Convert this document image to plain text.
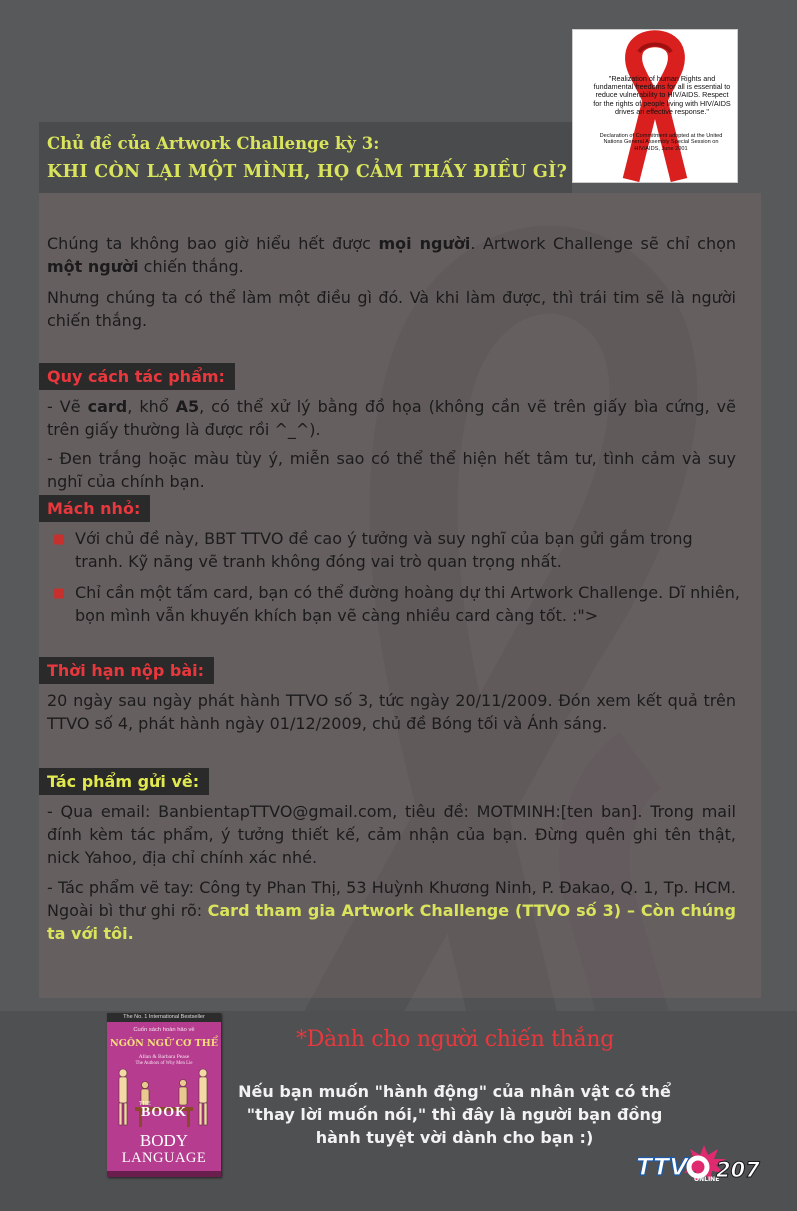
Chủ đề của Artwork Challenge kỳ 3:
KHI CÒN LẠI MỘT MÌNH, HỌ CẢM THẤY ĐIỀU GÌ?
"Realization of human Rights and fundamental freedoms for all is essential to reduce vulnerability to HIV/AIDS. Respect for the rights of people living with HIV/AIDS drives an effective response."
Declaration of Commitment adopted at the United Nations General Assembly Special Session on HIV/AIDS, June 2001
Chúng ta không bao giờ hiểu hết được mọi người. Artwork Challenge sẽ chỉ chọn một người chiến thắng.
Nhưng chúng ta có thể làm một điều gì đó. Và khi làm được, thì trái tim sẽ là người chiến thắng.
Quy cách tác phẩm:
- Vẽ card, khổ A5, có thể xử lý bằng đồ họa (không cần vẽ trên giấy bìa cứng, vẽ trên giấy thường là được rồi ^_^).
- Đen trắng hoặc màu tùy ý, miễn sao có thể thể hiện hết tâm tư, tình cảm và suy nghĩ của chính bạn.
Mách nhỏ:
■ Với chủ đề này, BBT TTVO đề cao ý tưởng và suy nghĩ của bạn gửi gắm trong tranh. Kỹ năng vẽ tranh không đóng vai trò quan trọng nhất.
■ Chỉ cần một tấm card, bạn có thể đường hoàng dự thi Artwork Challenge. Dĩ nhiên, bọn mình vẫn khuyến khích bạn vẽ càng nhiều card càng tốt. :">
Thời hạn nộp bài:
20 ngày sau ngày phát hành TTVO số 3, tức ngày 20/11/2009. Đón xem kết quả trên TTVO số 4, phát hành ngày 01/12/2009, chủ đề Bóng tối và Ánh sáng.
Tác phẩm gửi về:
- Qua email: BanbientapTTVO@gmail.com, tiêu đề: MOTMINH:[ten ban]. Trong mail đính kèm tác phẩm, ý tưởng thiết kế, cảm nhận của bạn. Đừng quên ghi tên thật, nick Yahoo, địa chỉ chính xác nhé.
- Tác phẩm vẽ tay: Công ty Phan Thị, 53 Huỳnh Khương Ninh, P. Đakao, Q. 1, Tp. HCM. Ngoài bì thư ghi rõ: Card tham gia Artwork Challenge (TTVO số 3) – Còn chúng ta với tôi.
The No. 1 International Bestseller
Cuốn sách hoàn hảo về
NGÔN NGỮ CƠ THỂ
Allan & Barbara Pease
The Authors of Why Men Lie
THE
BOOK
BODY
LANGUAGE
*Dành cho người chiến thắng
Nếu bạn muốn "hành động" của nhân vật có thể "thay lời muốn nói," thì đây là người bạn đồng hành tuyệt vời dành cho bạn :)
TTV	ONLINE
207
